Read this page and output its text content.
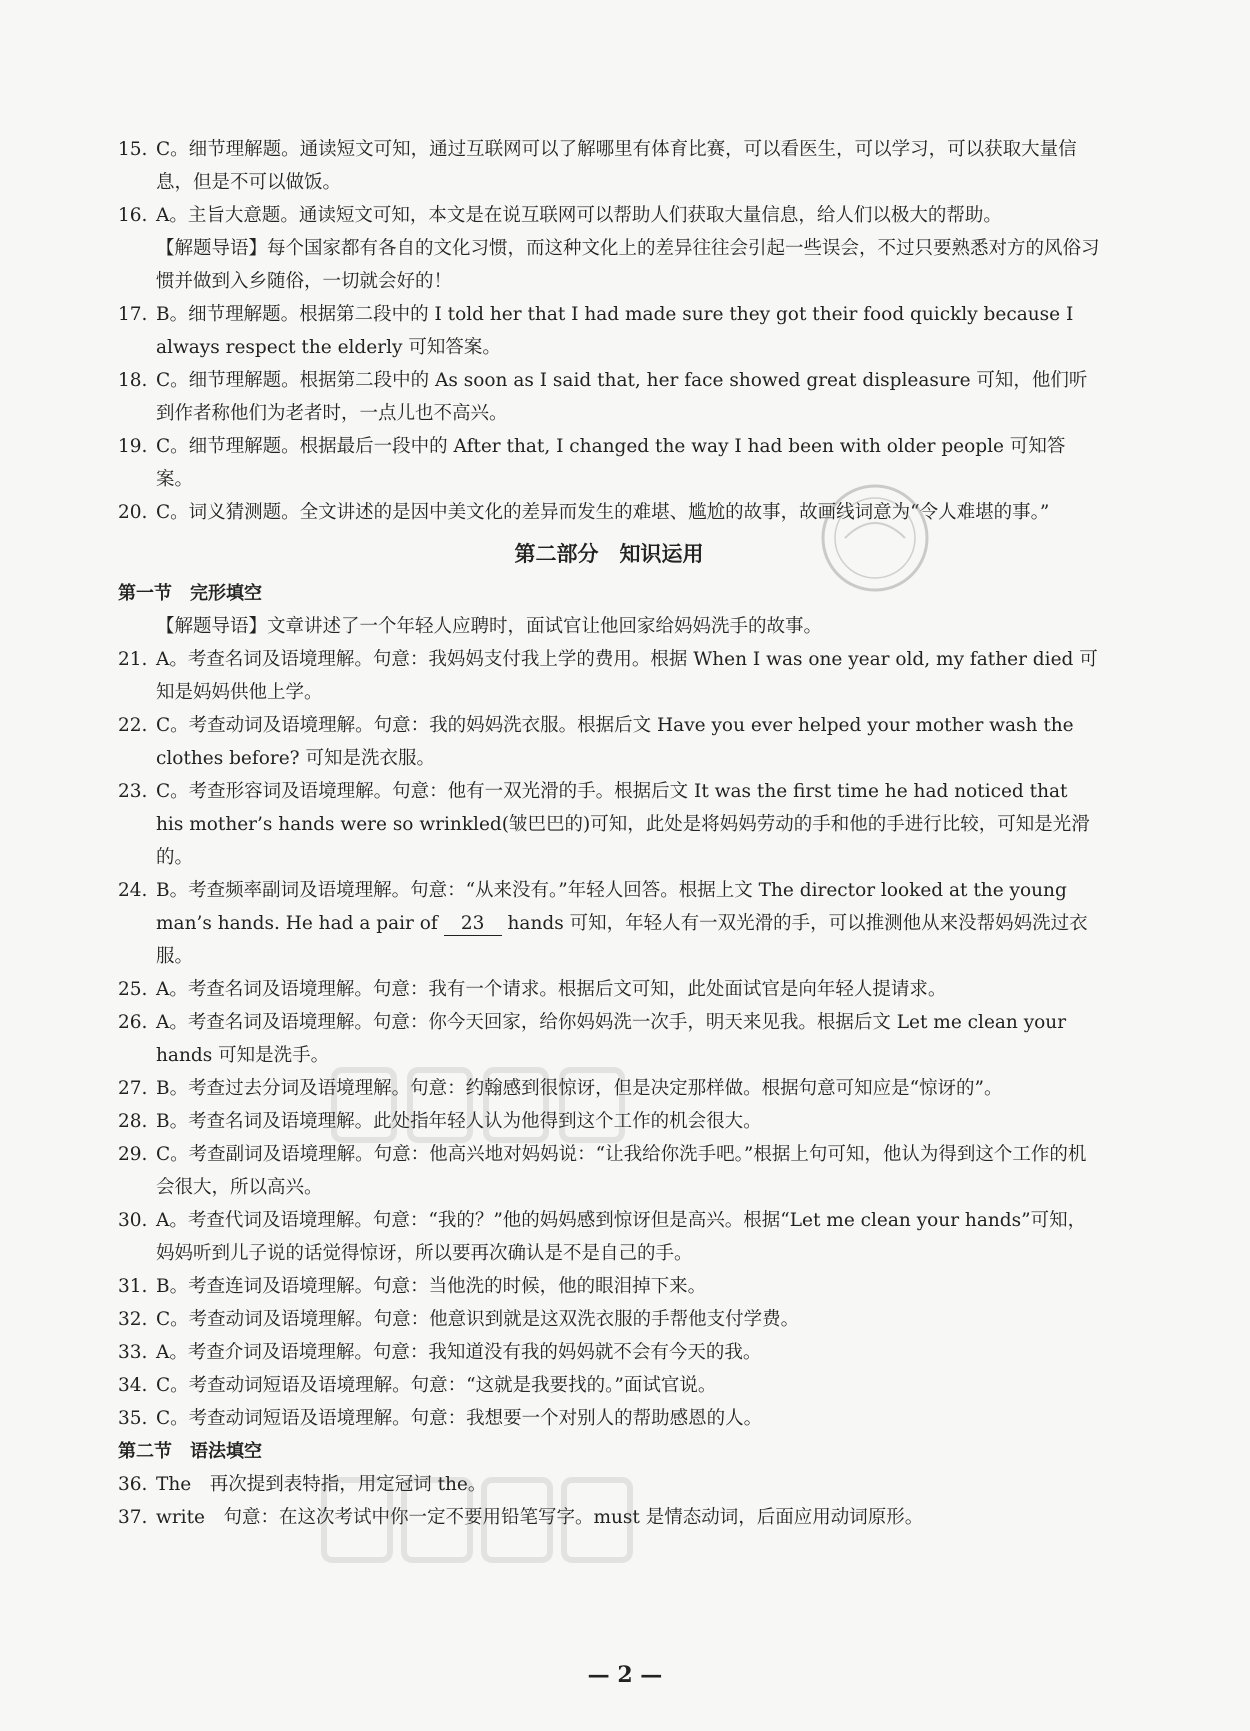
15. C。细节理解题。通读短文可知，通过互联网可以了解哪里有体育比赛，可以看医生，可以学习，可以获取大量信息，但是不可以做饭。
16. A。主旨大意题。通读短文可知，本文是在说互联网可以帮助人们获取大量信息，给人们以极大的帮助。
【解题导语】每个国家都有各自的文化习惯，而这种文化上的差异往往会引起一些误会，不过只要熟悉对方的风俗习惯并做到入乡随俗，一切就会好的！
17. B。细节理解题。根据第二段中的 I told her that I had made sure they got their food quickly because I always respect the elderly 可知答案。
18. C。细节理解题。根据第二段中的 As soon as I said that, her face showed great displeasure 可知，他们听到作者称他们为老者时，一点儿也不高兴。
19. C。细节理解题。根据最后一段中的 After that, I changed the way I had been with older people 可知答案。
20. C。词义猜测题。全文讲述的是因中美文化的差异而发生的难堪、尴尬的故事，故画线词意为“令人难堪的事。”
第二部分　知识运用
第一节　完形填空
【解题导语】文章讲述了一个年轻人应聘时，面试官让他回家给妈妈洗手的故事。
21. A。考查名词及语境理解。句意：我妈妈支付我上学的费用。根据 When I was one year old, my father died 可知是妈妈供他上学。
22. C。考查动词及语境理解。句意：我的妈妈洗衣服。根据后文 Have you ever helped your mother wash the clothes before? 可知是洗衣服。
23. C。考查形容词及语境理解。句意：他有一双光滑的手。根据后文 It was the first time he had noticed that his mother’s hands were so wrinkled(皱巴巴的)可知，此处是将妈妈劳动的手和他的手进行比较，可知是光滑的。
24. B。考查频率副词及语境理解。句意：“从来没有。”年轻人回答。根据上文 The director looked at the young man’s hands. He had a pair of 23 hands 可知，年轻人有一双光滑的手，可以推测他从来没帮妈妈洗过衣服。
25. A。考查名词及语境理解。句意：我有一个请求。根据后文可知，此处面试官是向年轻人提请求。
26. A。考查名词及语境理解。句意：你今天回家，给你妈妈洗一次手，明天来见我。根据后文 Let me clean your hands 可知是洗手。
27. B。考查过去分词及语境理解。句意：约翰感到很惊讶，但是决定那样做。根据句意可知应是“惊讶的”。
28. B。考查名词及语境理解。此处指年轻人认为他得到这个工作的机会很大。
29. C。考查副词及语境理解。句意：他高兴地对妈妈说：“让我给你洗手吧。”根据上句可知，他认为得到这个工作的机会很大，所以高兴。
30. A。考查代词及语境理解。句意：“我的？”他的妈妈感到惊讶但是高兴。根据“Let me clean your hands”可知，妈妈听到儿子说的话觉得惊讶，所以要再次确认是不是自己的手。
31. B。考查连词及语境理解。句意：当他洗的时候，他的眼泪掉下来。
32. C。考查动词及语境理解。句意：他意识到就是这双洗衣服的手帮他支付学费。
33. A。考查介词及语境理解。句意：我知道没有我的妈妈就不会有今天的我。
34. C。考查动词短语及语境理解。句意：“这就是我要找的。”面试官说。
35. C。考查动词短语及语境理解。句意：我想要一个对别人的帮助感恩的人。
第二节　语法填空
36. The　再次提到表特指，用定冠词 the。
37. write　句意：在这次考试中你一定不要用铅笔写字。must 是情态动词，后面应用动词原形。
— 2 —
